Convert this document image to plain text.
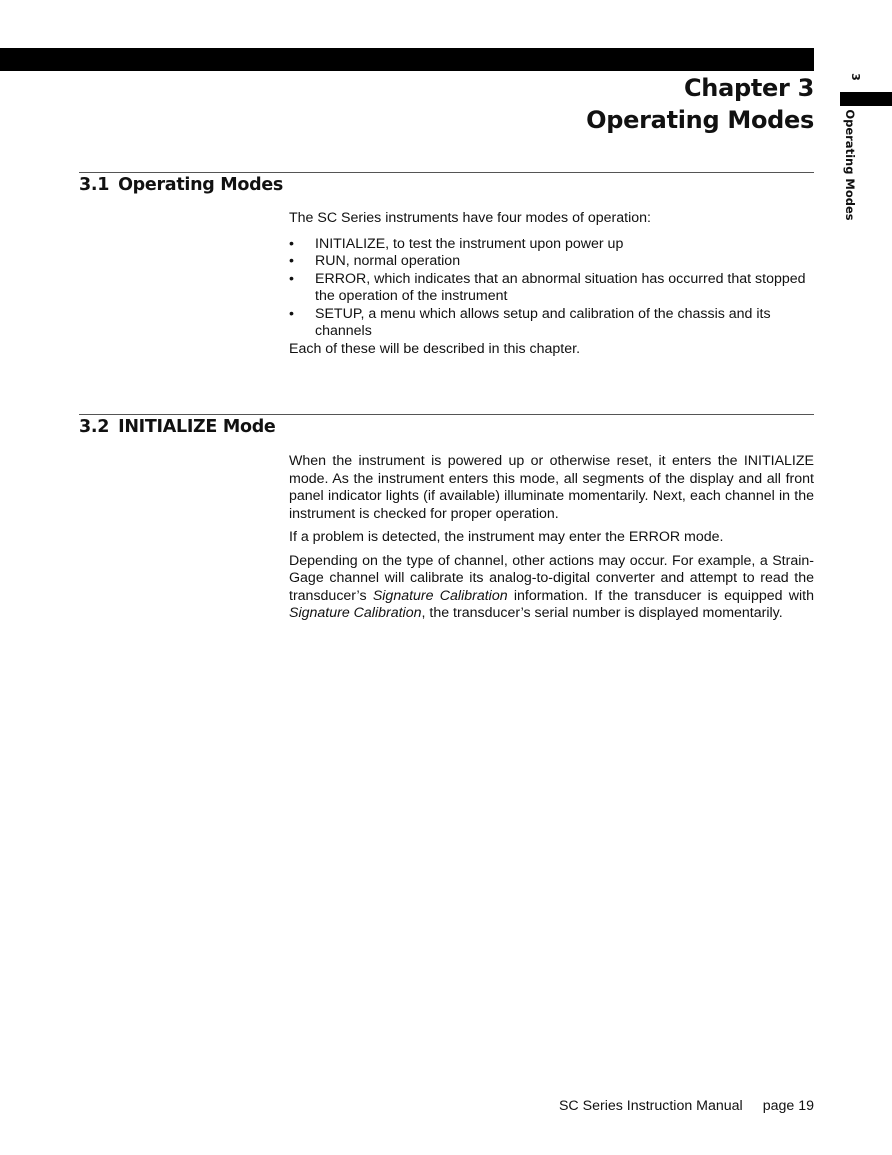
3
Operating Modes
Chapter 3
Operating Modes
3.1 Operating Modes

The SC Series instruments have four modes of operation:

• INITIALIZE, to test the instrument upon power up
• RUN, normal operation
• ERROR, which indicates that an abnormal situation has occurred that stopped the operation of the instrument
• SETUP, a menu which allows setup and calibration of the chassis and its channels

Each of these will be described in this chapter.

3.2 INITIALIZE Mode

When the instrument is powered up or otherwise reset, it enters the INITIALIZE mode. As the instrument enters this mode, all segments of the display and all front panel indicator lights (if available) illuminate momentarily. Next, each channel in the instrument is checked for proper operation.

If a problem is detected, the instrument may enter the ERROR mode.

Depending on the type of channel, other actions may occur. For example, a Strain-Gage channel will calibrate its analog-to-digital converter and attempt to read the transducer’s Signature Calibration information. If the transducer is equipped with Signature Calibration, the transducer’s serial number is displayed momentarily.

SC Series Instruction Manual page 19
